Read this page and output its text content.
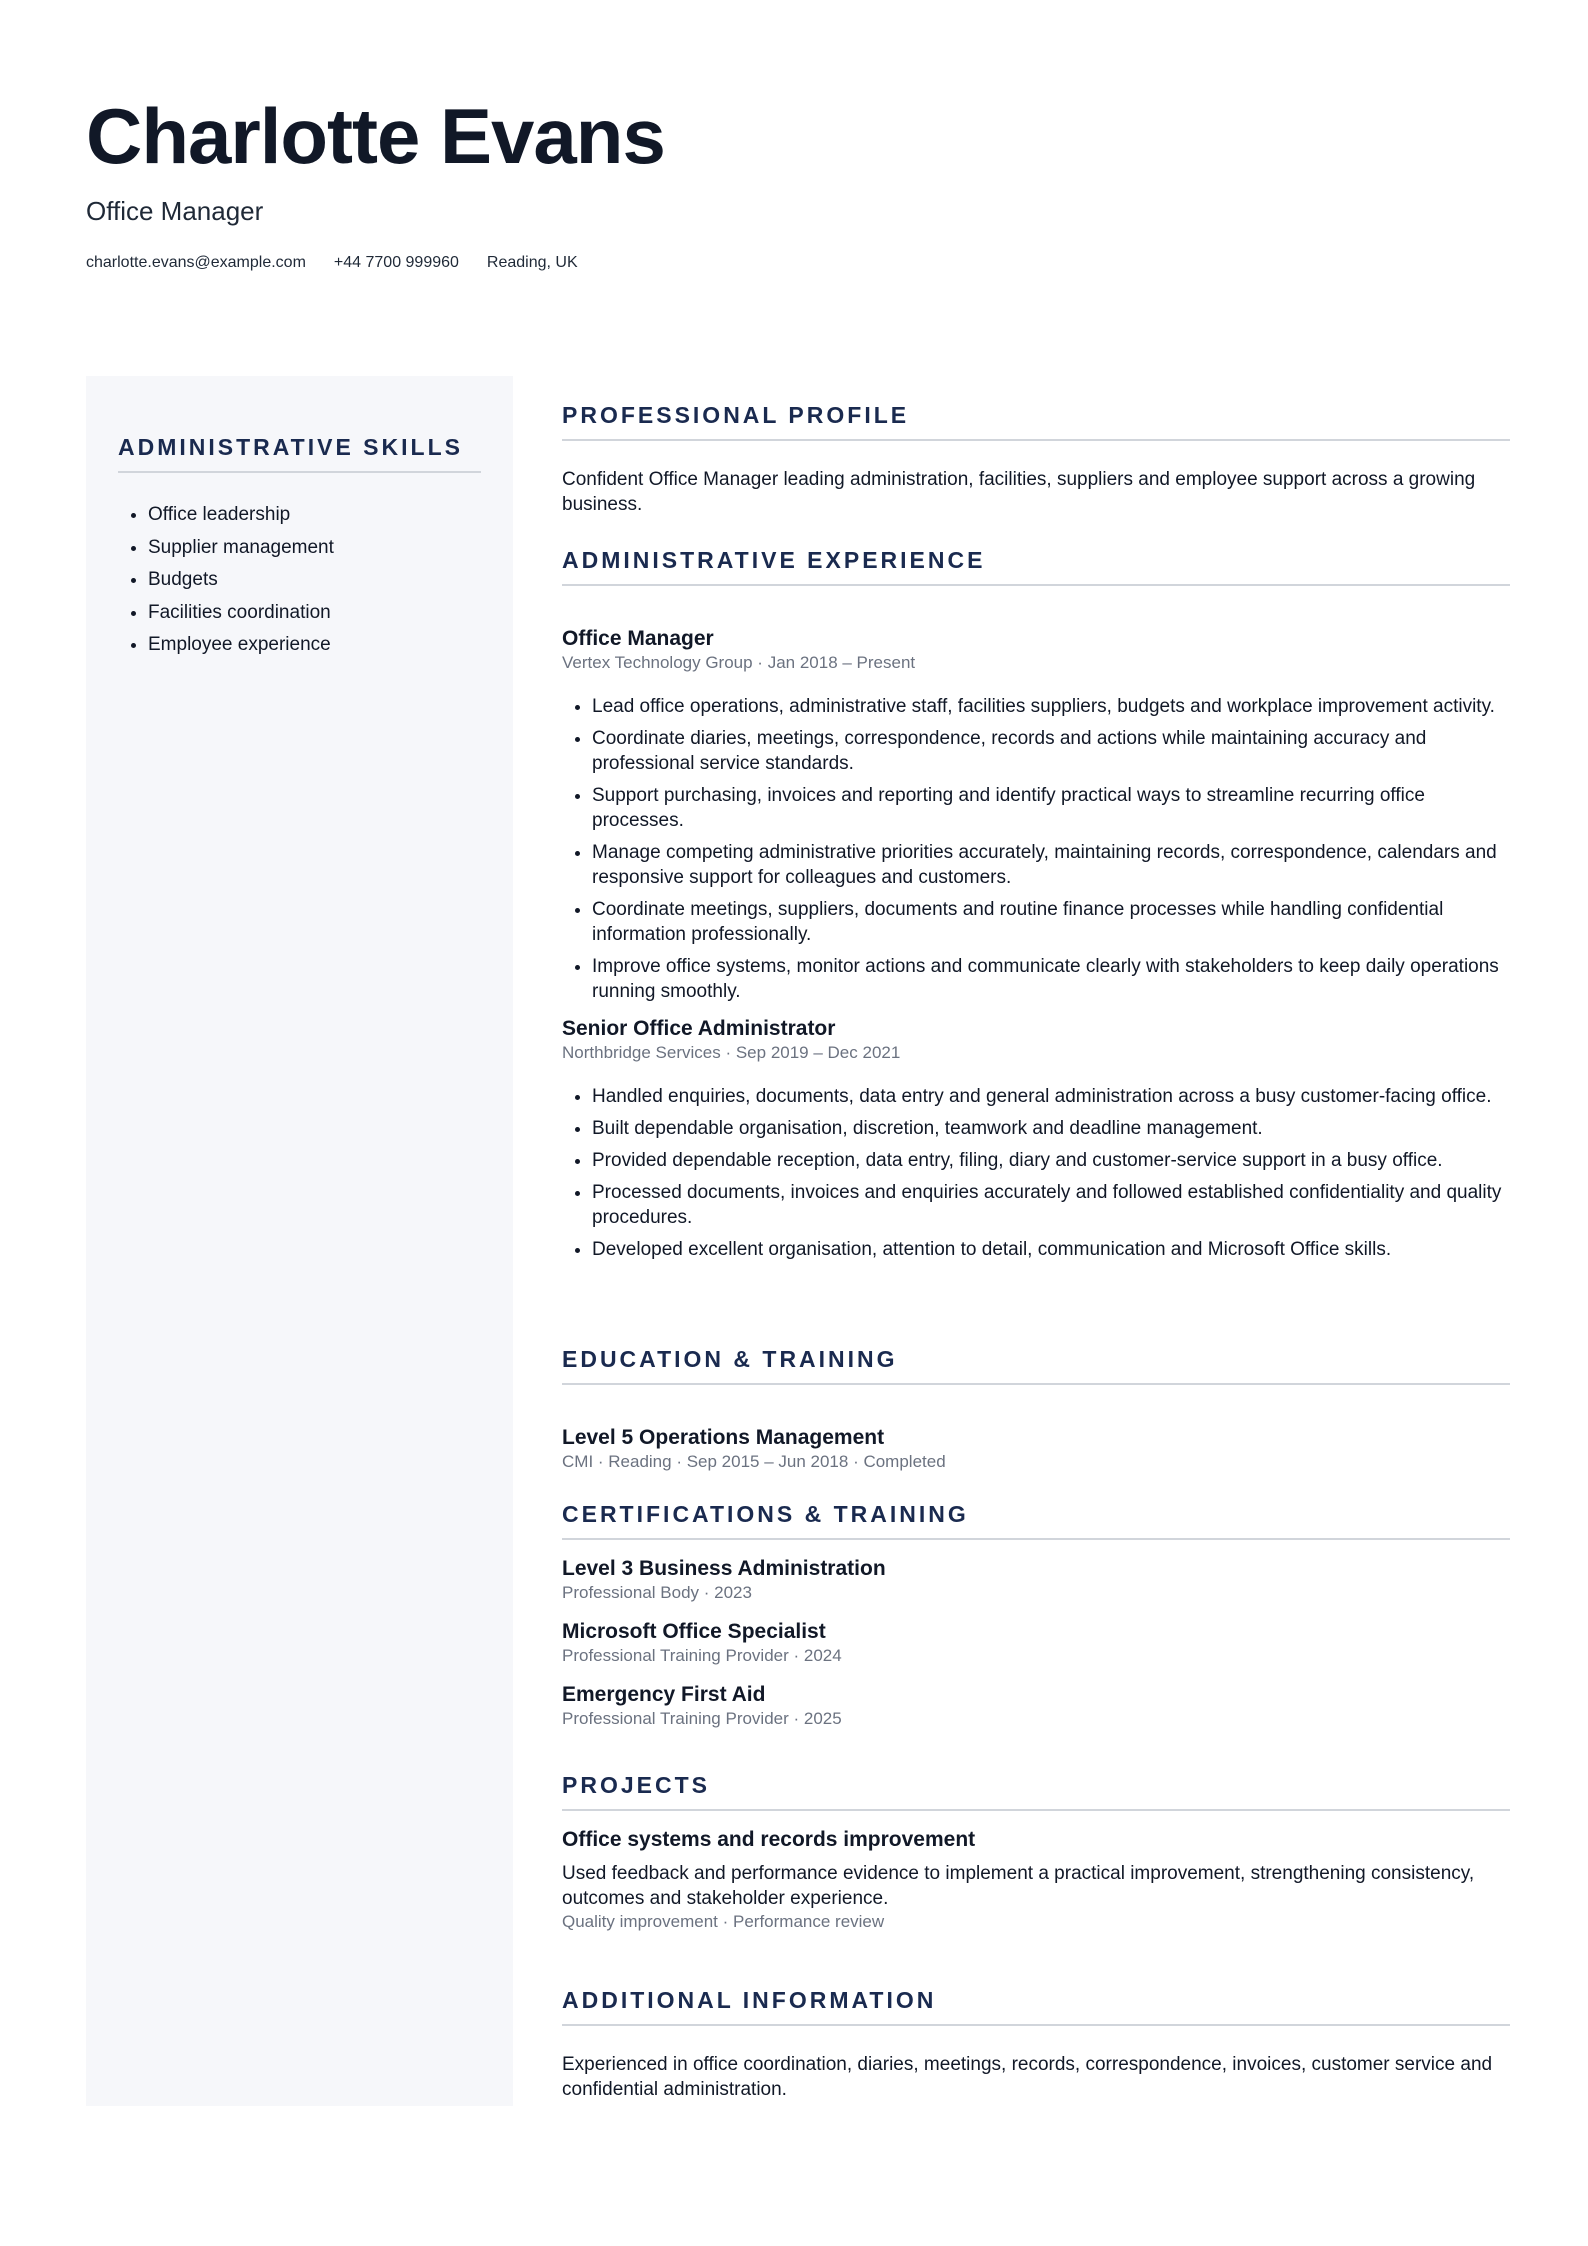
Charlotte Evans
Office Manager
charlotte.evans@example.com +44 7700 999960 Reading, UK
ADMINISTRATIVE SKILLS
• Office leadership
• Supplier management
• Budgets
• Facilities coordination
• Employee experience
PROFESSIONAL PROFILE

Confident Office Manager leading administration, facilities, suppliers and employee support across a growing business.

ADMINISTRATIVE EXPERIENCE
Office Manager
Vertex Technology Group · Jan 2018 – Present
• Lead office operations, administrative staff, facilities suppliers, budgets and workplace improvement activity.
• Coordinate diaries, meetings, correspondence, records and actions while maintaining accuracy and professional service standards.
• Support purchasing, invoices and reporting and identify practical ways to streamline recurring office processes.
• Manage competing administrative priorities accurately, maintaining records, correspondence, calendars and responsive support for colleagues and customers.
• Coordinate meetings, suppliers, documents and routine finance processes while handling confidential information professionally.
• Improve office systems, monitor actions and communicate clearly with stakeholders to keep daily operations running smoothly.
Senior Office Administrator
Northbridge Services · Sep 2019 – Dec 2021
• Handled enquiries, documents, data entry and general administration across a busy customer-facing office.
• Built dependable organisation, discretion, teamwork and deadline management.
• Provided dependable reception, data entry, filing, diary and customer-service support in a busy office.
• Processed documents, invoices and enquiries accurately and followed established confidentiality and quality procedures.
• Developed excellent organisation, attention to detail, communication and Microsoft Office skills.
EDUCATION & TRAINING
Level 5 Operations Management
CMI · Reading · Sep 2015 – Jun 2018 · Completed
CERTIFICATIONS & TRAINING
Level 3 Business Administration
Professional Body · 2023
Microsoft Office Specialist
Professional Training Provider · 2024
Emergency First Aid
Professional Training Provider · 2025
PROJECTS
Office systems and records improvement

Used feedback and performance evidence to implement a practical improvement, strengthening consistency, outcomes and stakeholder experience.

Quality improvement · Performance review
ADDITIONAL INFORMATION

Experienced in office coordination, diaries, meetings, records, correspondence, invoices, customer service and confidential administration.
